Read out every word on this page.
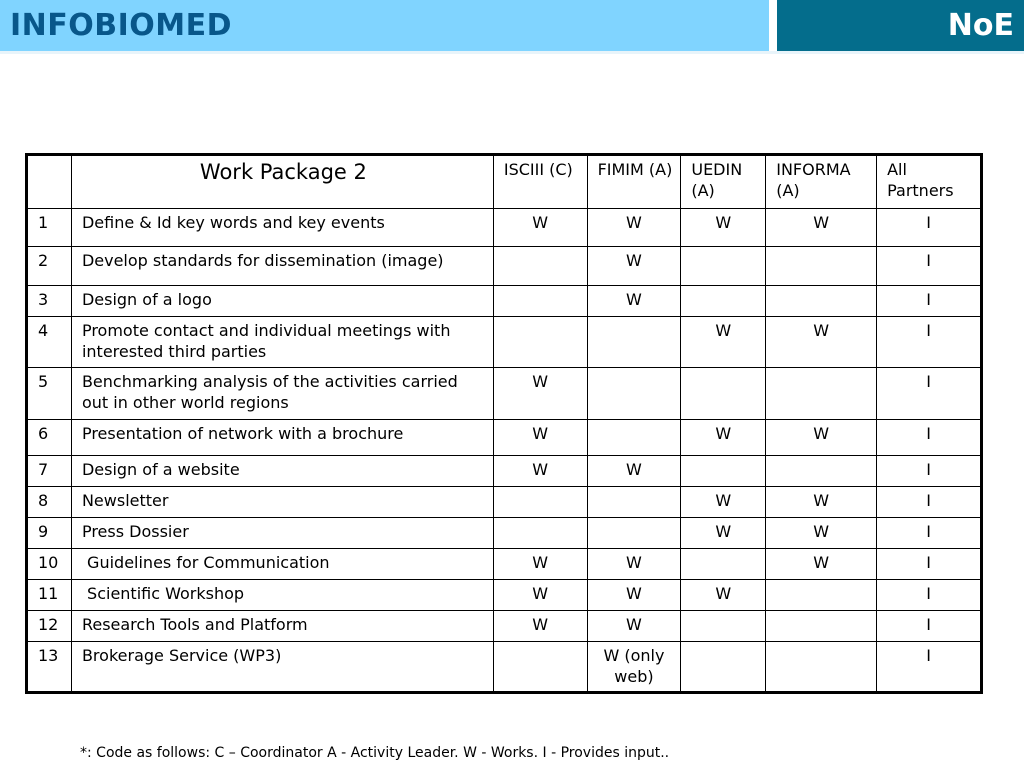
INFOBIOMED	NoE
	Work Package 2	ISCIII (C)	FIMIM (A)	UEDIN (A)	INFORMA (A)	All Partners
1	Define & Id key words and key events	W	W	W	W	I
2	Develop standards for dissemination (image)		W			I
3	Design of a logo		W			I
4	Promote contact and individual meetings with interested third parties			W	W	I
5	Benchmarking analysis of the activities carried out in other world regions	W				I
6	Presentation of network with a brochure	W		W	W	I
7	Design of a website	W	W			I
8	Newsletter			W	W	I
9	Press Dossier			W	W	I
10	Guidelines for Communication	W	W		W	I
11	Scientific Workshop	W	W	W		I
12	Research Tools and Platform	W	W			I
13	Brokerage Service (WP3)		W (only web)			I
*: Code as follows: C – Coordinator A - Activity Leader. W - Works. I - Provides input..
